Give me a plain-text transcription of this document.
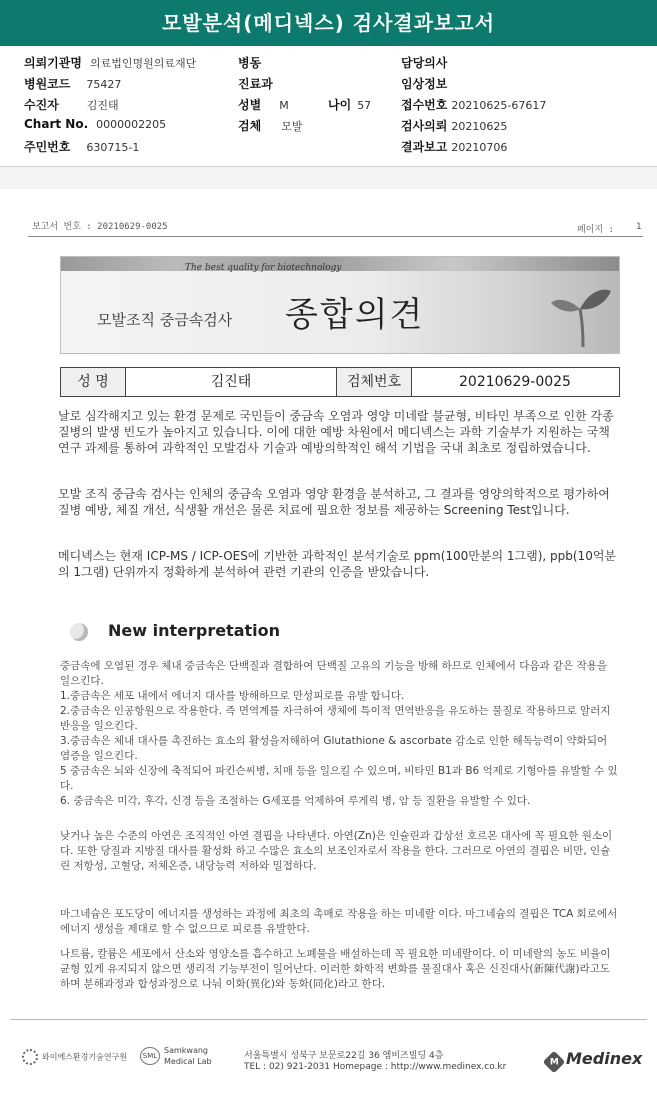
모발분석(메디넥스) 검사결과보고서
의뢰기관명 의료법인명원의료재단	병동	담당의사
병원코드 75427	진료과	임상정보
수진자	김진태	성별 M	나이 57 접수번호 20210625-67617
Chart No. 0000002205	검체 모발	검사의뢰 20210625
주민번호 630715-1	결과보고 20210706
보고서 번호 : 20210629-0025	페이지 : 1
The best quality for biotechnology
모발조직 중금속검사 종합의견
성 명	김진태	검체번호	20210629-0025
날로 심각해지고 있는 환경 문제로 국민들이 중금속 오염과 영양 미네랄 불균형, 비타민 부족으로 인한 각종 질병의 발생 빈도가 높아지고 있습니다. 이에 대한 예방 차원에서 메디넥스는 과학 기술부가 지원하는 국책 연구 과제를 통하여 과학적인 모발검사 기술과 예방의학적인 해석 기법을 국내 최초로 정립하였습니다.
모발 조직 중금속 검사는 인체의 중금속 오염과 영양 환경을 분석하고, 그 결과를 영양의학적으로 평가하여 질병 예방, 체질 개선, 식생활 개선은 물론 치료에 필요한 정보를 제공하는 Screening Test입니다.
메디넥스는 현재 ICP-MS / ICP-OES에 기반한 과학적인 분석기술로 ppm(100만분의 1그램), ppb(10억분의 1그램) 단위까지 정확하게 분석하여 관련 기관의 인증을 받았습니다.
New interpretation
중금속에 오염된 경우 체내 중금속은 단백질과 결합하여 단백질 고유의 기능을 방해 하므로 인체에서 다음과 같은 작용을 일으킨다.
1.중금속은 세포 내에서 에너지 대사를 방해하므로 만성피로를 유발 합니다.
2.중금속은 인공항원으로 작용한다. 즉 면역계를 자극하여 생체에 특이적 면역반응을 유도하는 물질로 작용하므로 알러지 반응을 일으킨다.
3.중금속은 체내 대사를 촉진하는 효소의 활성을저해하여 Glutathione & ascorbate 감소로 인한 해독능력이 약화되어 염증을 일으킨다.
5 중금속은 뇌와 신장에 축적되어 파킨슨씨병, 치매 등을 일으킬 수 있으며, 비타민 B1과 B6 억제로 기형아를 유발할 수 있다.
6. 중금속은 미각, 후각, 신경 등을 조절하는 G세포를 억제하여 루게릭 병, 암 등 질환을 유발할 수 있다.
낮거나 높은 수준의 아연은 조직적인 아연 결핍을 나타낸다. 아연(Zn)은 인슐린과 갑상선 호르몬 대사에 꼭 필요한 원소이다. 또한 당질과 지방질 대사를 활성화 하고 수많은 효소의 보조인자로서 작용을 한다. 그러므로 아연의 결핍은 비만, 인슐린 저항성, 고혈당, 저체온증, 내당능력 저하와 밀접하다.
마그네슘은 포도당이 에너지를 생성하는 과정에 최초의 촉매로 작용을 하는 미네랄 이다. 마그네슘의 결핍은 TCA 회로에서 에너지 생성을 제대로 할 수 없으므로 피로를 유발한다.
나트륨, 칼륨은 세포에서 산소와 영양소를 흡수하고 노폐물을 배설하는데 꼭 필요한 미네랄이다. 이 미네랄의 농도 비율이 균형 있게 유지되지 않으면 생리적 기능부전이 일어난다. 이러한 화학적 변화를 물질대사 혹은 신진대사(新陳代謝)라고도 하며 분해과정과 합성과정으로 나눠 이화(異化)와 동화(同化)라고 한다.
와이에스환경기술연구원	SMLSamkwang
Medical Lab
서울특별시 성북구 보문로22길 36 엠비즈빌딩 4층
TEL : 02) 921-2031 Homepage : http://www.medinex.co.kr	M Medinex
